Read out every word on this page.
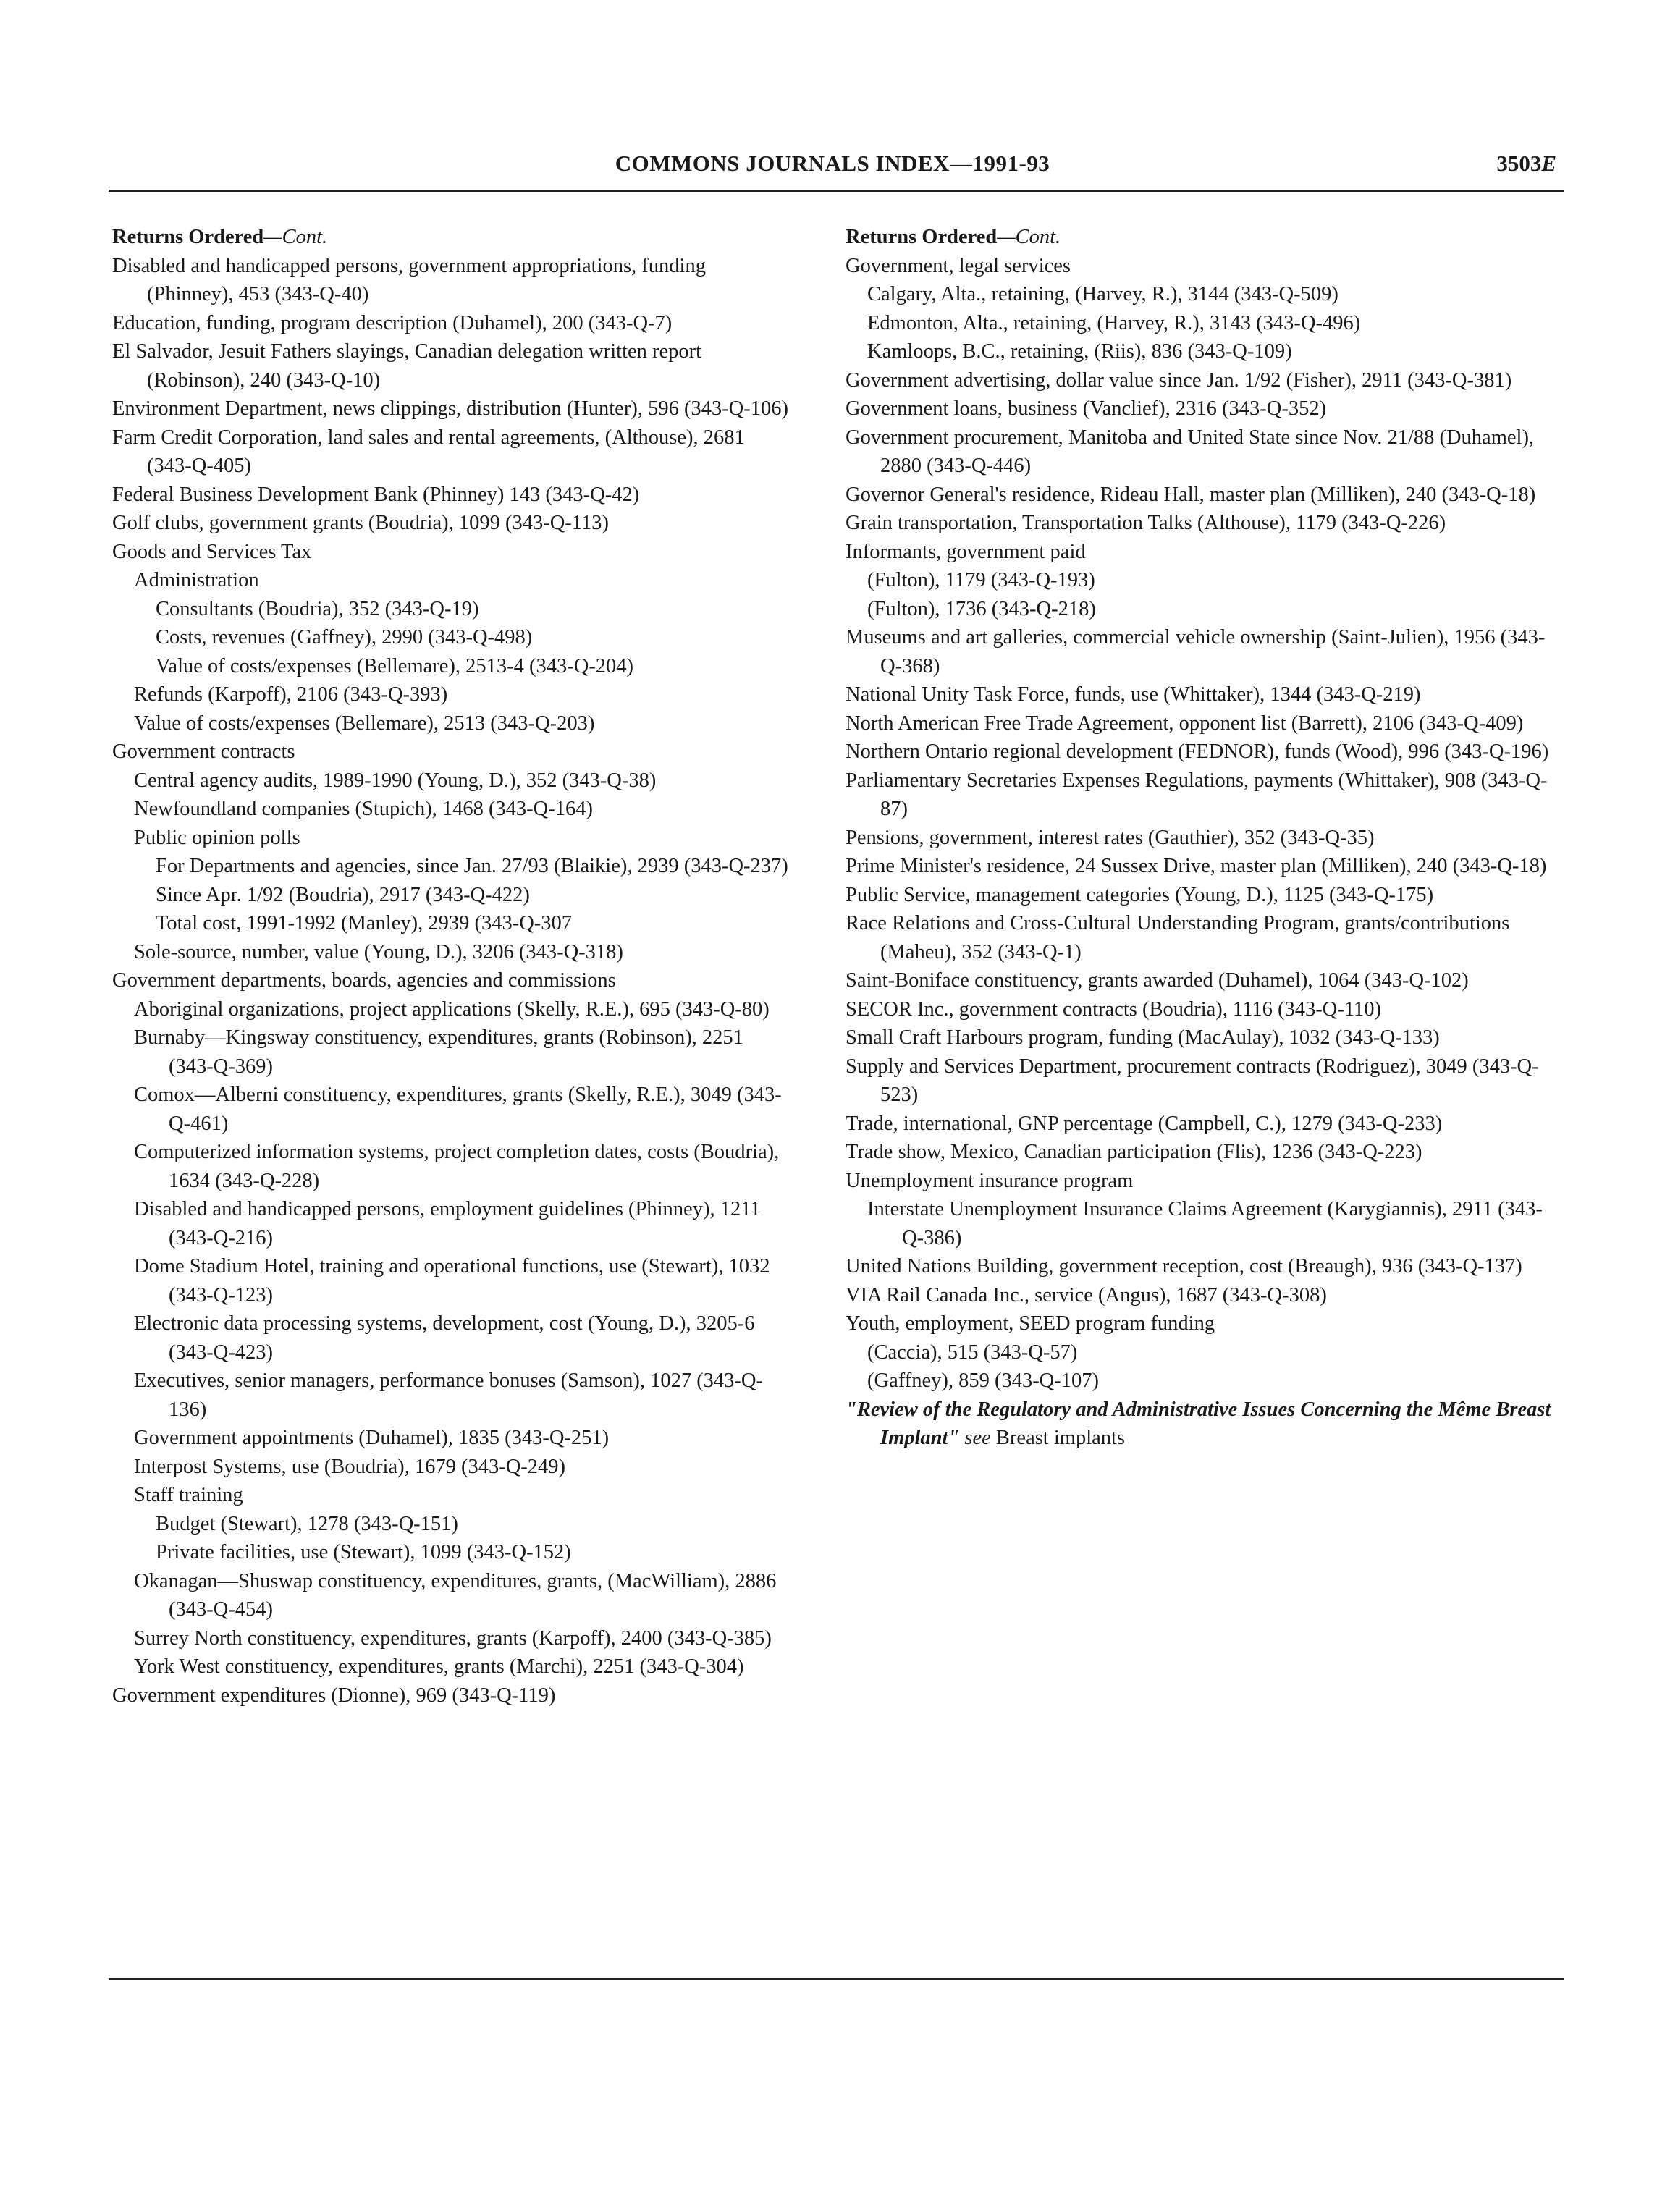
COMMONS JOURNALS INDEX—1991-93	3503E

Returns Ordered—Cont.

Disabled and handicapped persons, government appropriations, funding (Phinney), 453 (343-Q-40)

Education, funding, program description (Duhamel), 200 (343-Q-7)

El Salvador, Jesuit Fathers slayings, Canadian delegation written report (Robinson), 240 (343-Q-10)

Environment Department, news clippings, distribution (Hunter), 596 (343-Q-106)

Farm Credit Corporation, land sales and rental agreements, (Althouse), 2681 (343-Q-405)

Federal Business Development Bank (Phinney) 143 (343-Q-42)

Golf clubs, government grants (Boudria), 1099 (343-Q-113)

Goods and Services Tax

Administration

Consultants (Boudria), 352 (343-Q-19)

Costs, revenues (Gaffney), 2990 (343-Q-498)

Value of costs/expenses (Bellemare), 2513-4 (343-Q-204)

Refunds (Karpoff), 2106 (343-Q-393)

Value of costs/expenses (Bellemare), 2513 (343-Q-203)

Government contracts

Central agency audits, 1989-1990 (Young, D.), 352 (343-Q-38)

Newfoundland companies (Stupich), 1468 (343-Q-164)

Public opinion polls

For Departments and agencies, since Jan. 27/93 (Blaikie), 2939 (343-Q-237)

Since Apr. 1/92 (Boudria), 2917 (343-Q-422)

Total cost, 1991-1992 (Manley), 2939 (343-Q-307

Sole-source, number, value (Young, D.), 3206 (343-Q-318)

Government departments, boards, agencies and commissions

Aboriginal organizations, project applications (Skelly, R.E.), 695 (343-Q-80)

Burnaby—Kingsway constituency, expenditures, grants (Robinson), 2251 (343-Q-369)

Comox—Alberni constituency, expenditures, grants (Skelly, R.E.), 3049 (343-Q-461)

Computerized information systems, project completion dates, costs (Boudria), 1634 (343-Q-228)

Disabled and handicapped persons, employment guidelines (Phinney), 1211 (343-Q-216)

Dome Stadium Hotel, training and operational functions, use (Stewart), 1032 (343-Q-123)

Electronic data processing systems, development, cost (Young, D.), 3205-6 (343-Q-423)

Executives, senior managers, performance bonuses (Samson), 1027 (343-Q-136)

Government appointments (Duhamel), 1835 (343-Q-251)

Interpost Systems, use (Boudria), 1679 (343-Q-249)

Staff training

Budget (Stewart), 1278 (343-Q-151)

Private facilities, use (Stewart), 1099 (343-Q-152)

Okanagan—Shuswap constituency, expenditures, grants, (MacWilliam), 2886 (343-Q-454)

Surrey North constituency, expenditures, grants (Karpoff), 2400 (343-Q-385)

York West constituency, expenditures, grants (Marchi), 2251 (343-Q-304)

Government expenditures (Dionne), 969 (343-Q-119)

Returns Ordered—Cont.

Government, legal services

Calgary, Alta., retaining, (Harvey, R.), 3144 (343-Q-509)

Edmonton, Alta., retaining, (Harvey, R.), 3143 (343-Q-496)

Kamloops, B.C., retaining, (Riis), 836 (343-Q-109)

Government advertising, dollar value since Jan. 1/92 (Fisher), 2911 (343-Q-381)

Government loans, business (Vanclief), 2316 (343-Q-352)

Government procurement, Manitoba and United State since Nov. 21/88 (Duhamel), 2880 (343-Q-446)

Governor General's residence, Rideau Hall, master plan (Milliken), 240 (343-Q-18)

Grain transportation, Transportation Talks (Althouse), 1179 (343-Q-226)

Informants, government paid

(Fulton), 1179 (343-Q-193)

(Fulton), 1736 (343-Q-218)

Museums and art galleries, commercial vehicle ownership (Saint-Julien), 1956 (343-Q-368)

National Unity Task Force, funds, use (Whittaker), 1344 (343-Q-219)

North American Free Trade Agreement, opponent list (Barrett), 2106 (343-Q-409)

Northern Ontario regional development (FEDNOR), funds (Wood), 996 (343-Q-196)

Parliamentary Secretaries Expenses Regulations, payments (Whittaker), 908 (343-Q-87)

Pensions, government, interest rates (Gauthier), 352 (343-Q-35)

Prime Minister's residence, 24 Sussex Drive, master plan (Milliken), 240 (343-Q-18)

Public Service, management categories (Young, D.), 1125 (343-Q-175)

Race Relations and Cross-Cultural Understanding Program, grants/contributions (Maheu), 352 (343-Q-1)

Saint-Boniface constituency, grants awarded (Duhamel), 1064 (343-Q-102)

SECOR Inc., government contracts (Boudria), 1116 (343-Q-110)

Small Craft Harbours program, funding (MacAulay), 1032 (343-Q-133)

Supply and Services Department, procurement contracts (Rodriguez), 3049 (343-Q-523)

Trade, international, GNP percentage (Campbell, C.), 1279 (343-Q-233)

Trade show, Mexico, Canadian participation (Flis), 1236 (343-Q-223)

Unemployment insurance program

Interstate Unemployment Insurance Claims Agreement (Karygiannis), 2911 (343-Q-386)

United Nations Building, government reception, cost (Breaugh), 936 (343-Q-137)

VIA Rail Canada Inc., service (Angus), 1687 (343-Q-308)

Youth, employment, SEED program funding

(Caccia), 515 (343-Q-57)

(Gaffney), 859 (343-Q-107)

"Review of the Regulatory and Administrative Issues Concerning the Même Breast Implant" see Breast implants
